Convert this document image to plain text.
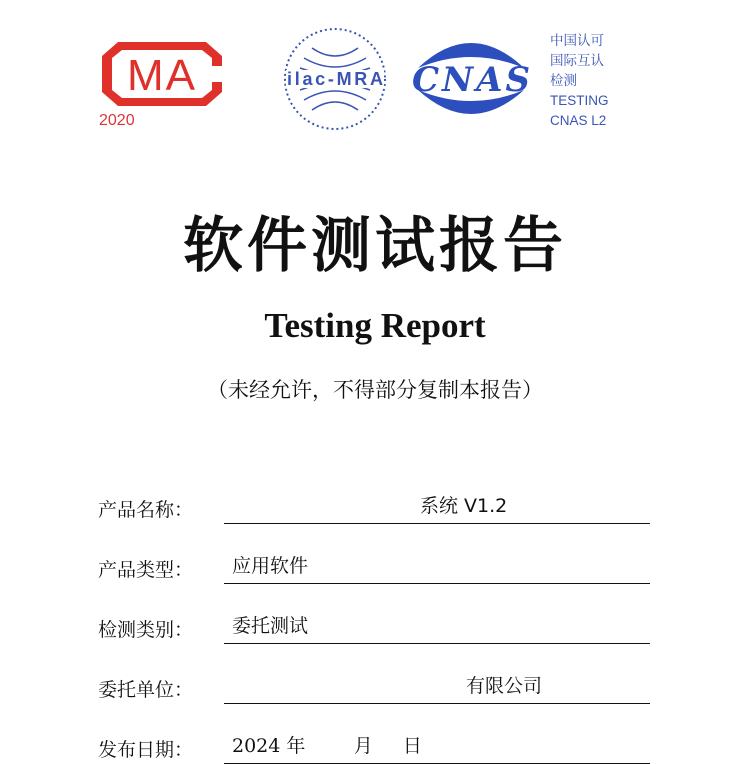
MA
2020
ilac-MRA CNAS
中国认可
国际互认
检测
TESTING
CNAS L2
软件测试报告
Testing Report
（未经允许，不得部分复制本报告）
产品名称：	系统 V1.2
产品类型： 应用软件
检测类别： 委托测试
委托单位：	有限公司
发布日期： 2024 年        月     日
